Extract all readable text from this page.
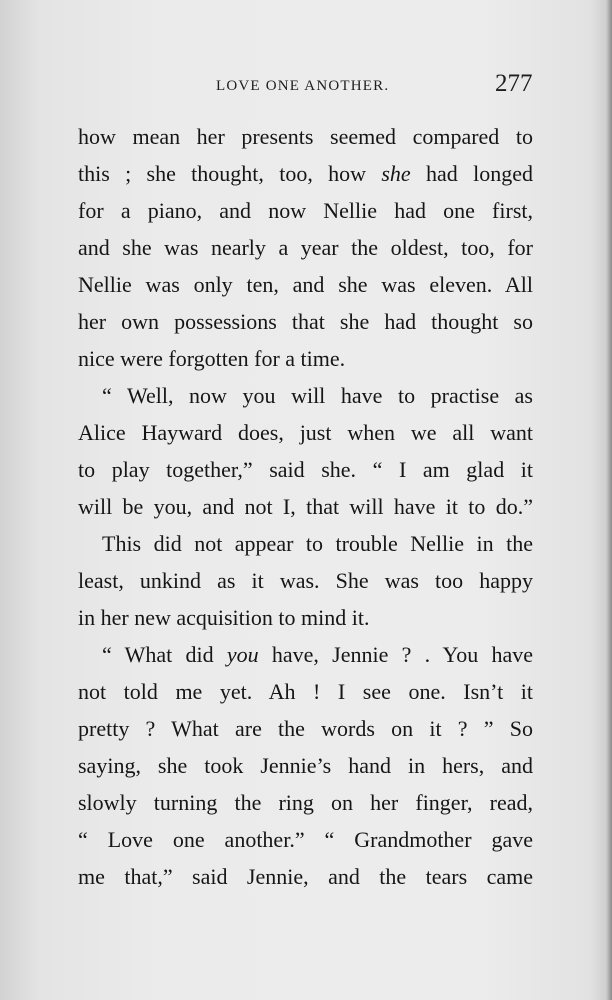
LOVE ONE ANOTHER.	277
how mean her presents seemed compared to
this ; she thought, too, how she had longed
for a piano, and now Nellie had one first,
and she was nearly a year the oldest, too, for
Nellie was only ten, and she was eleven. All
her own possessions that she had thought so
nice were forgotten for a time.
“ Well, now you will have to practise as
Alice Hayward does, just when we all want
to play together,” said she. “ I am glad it
will be you, and not I, that will have it to do.”
This did not appear to trouble Nellie in the
least, unkind as it was. She was too happy
in her new acquisition to mind it.
“ What did you have, Jennie ? . You have
not told me yet. Ah ! I see one. Isn’t it
pretty ? What are the words on it ? ” So
saying, she took Jennie’s hand in hers, and
slowly turning the ring on her finger, read,
“ Love one another.” “ Grandmother gave
me that,” said Jennie, and the tears came
